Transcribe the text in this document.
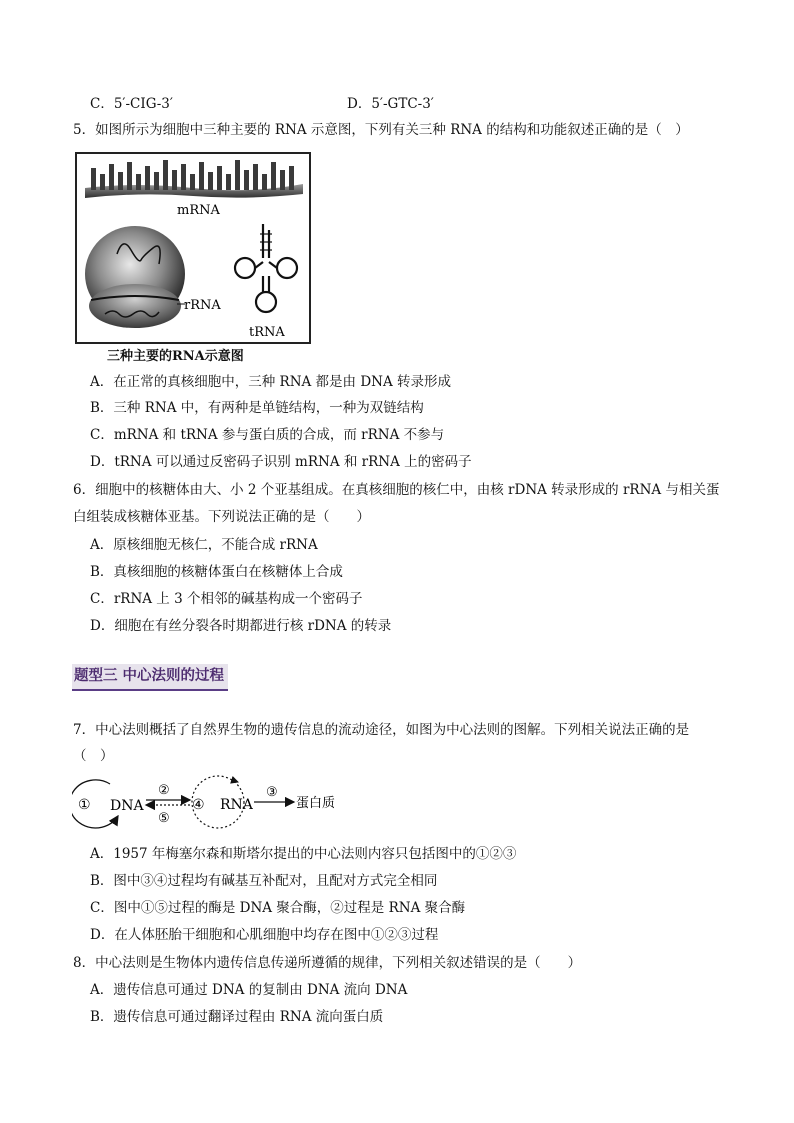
C．5′-CIG-3′	D．5′-GTC-3′
5．如图所示为细胞中三种主要的 RNA 示意图，下列有关三种 RNA 的结构和功能叙述正确的是（　）
mRNA
rRNA
tRNA
三种主要的RNA示意图
A．在正常的真核细胞中，三种 RNA 都是由 DNA 转录形成
B．三种 RNA 中，有两种是单链结构，一种为双链结构
C．mRNA 和 tRNA 参与蛋白质的合成，而 rRNA 不参与
D．tRNA 可以通过反密码子识别 mRNA 和 rRNA 上的密码子
6．细胞中的核糖体由大、小 2 个亚基组成。在真核细胞的核仁中，由核 rDNA 转录形成的 rRNA 与相关蛋
白组装成核糖体亚基。下列说法正确的是（　　）
A．原核细胞无核仁，不能合成 rRNA
B．真核细胞的核糖体蛋白在核糖体上合成
C．rRNA 上 3 个相邻的碱基构成一个密码子
D．细胞在有丝分裂各时期都进行核 rDNA 的转录
题型三 中心法则的过程
7．中心法则概括了自然界生物的遗传信息的流动途径，如图为中心法则的图解。下列相关说法正确的是
（　）
① DNA
②
⑤
④ RNA
③
蛋白质
A．1957 年梅塞尔森和斯塔尔提出的中心法则内容只包括图中的①②③
B．图中③④过程均有碱基互补配对，且配对方式完全相同
C．图中①⑤过程的酶是 DNA 聚合酶，②过程是 RNA 聚合酶
D．在人体胚胎干细胞和心肌细胞中均存在图中①②③过程
8．中心法则是生物体内遗传信息传递所遵循的规律，下列相关叙述错误的是（　　）
A．遗传信息可通过 DNA 的复制由 DNA 流向 DNA
B．遗传信息可通过翻译过程由 RNA 流向蛋白质
